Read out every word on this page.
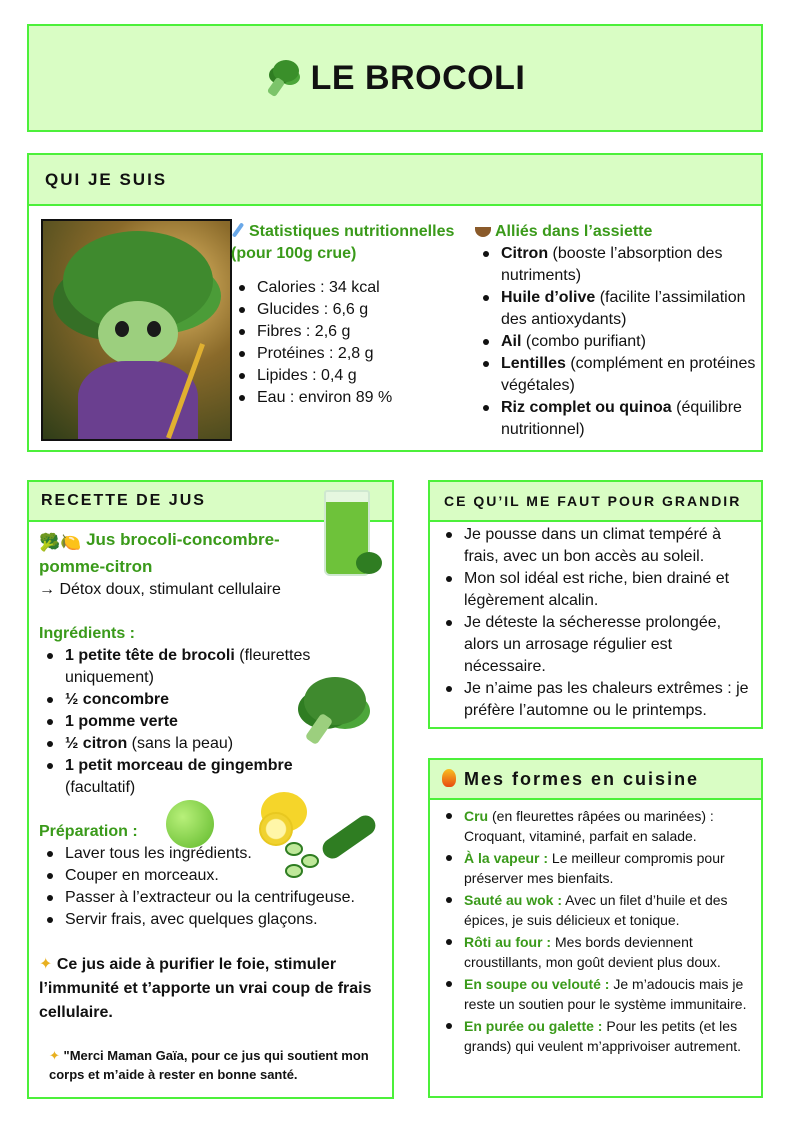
LE BROCOLI
QUI JE SUIS
Statistiques nutritionnelles (pour 100g crue)
Calories : 34 kcal
Glucides : 6,6 g
Fibres : 2,6 g
Protéines : 2,8 g
Lipides : 0,4 g
Eau : environ 89 %
Alliés dans l’assiette
Citron (booste l’absorption des nutriments)
Huile d’olive (facilite l’assimilation des antioxydants)
Ail (combo purifiant)
Lentilles (complément en protéines végétales)
Riz complet ou quinoa (équilibre nutritionnel)
RECETTE DE JUS
🥦🍋 Jus brocoli-concombre-pomme-citron
→ Détox doux, stimulant cellulaire
Ingrédients :
1 petite tête de brocoli (fleurettes uniquement)
½ concombre
1 pomme verte
½ citron (sans la peau)
1 petit morceau de gingembre (facultatif)
Préparation :
Laver tous les ingrédients.
Couper en morceaux.
Passer à l’extracteur ou la centrifugeuse.
Servir frais, avec quelques glaçons.
✦ Ce jus aide à purifier le foie, stimuler l’immunité et t’apporte un vrai coup de frais cellulaire.
✦ "Merci Maman Gaïa, pour ce jus qui soutient mon corps et m’aide à rester en bonne santé.
CE QU’IL ME FAUT POUR GRANDIR
Je pousse dans un climat tempéré à frais, avec un bon accès au soleil.
Mon sol idéal est riche, bien drainé et légèrement alcalin.
Je déteste la sécheresse prolongée, alors un arrosage régulier est nécessaire.
Je n’aime pas les chaleurs extrêmes : je préfère l’automne ou le printemps.
Mes formes en cuisine
Cru (en fleurettes râpées ou marinées) : Croquant, vitaminé, parfait en salade.
À la vapeur : Le meilleur compromis pour préserver mes bienfaits.
Sauté au wok : Avec un filet d’huile et des épices, je suis délicieux et tonique.
Rôti au four : Mes bords deviennent croustillants, mon goût devient plus doux.
En soupe ou velouté : Je m’adoucis mais je reste un soutien pour le système immunitaire.
En purée ou galette : Pour les petits (et les grands) qui veulent m’apprivoiser autrement.
